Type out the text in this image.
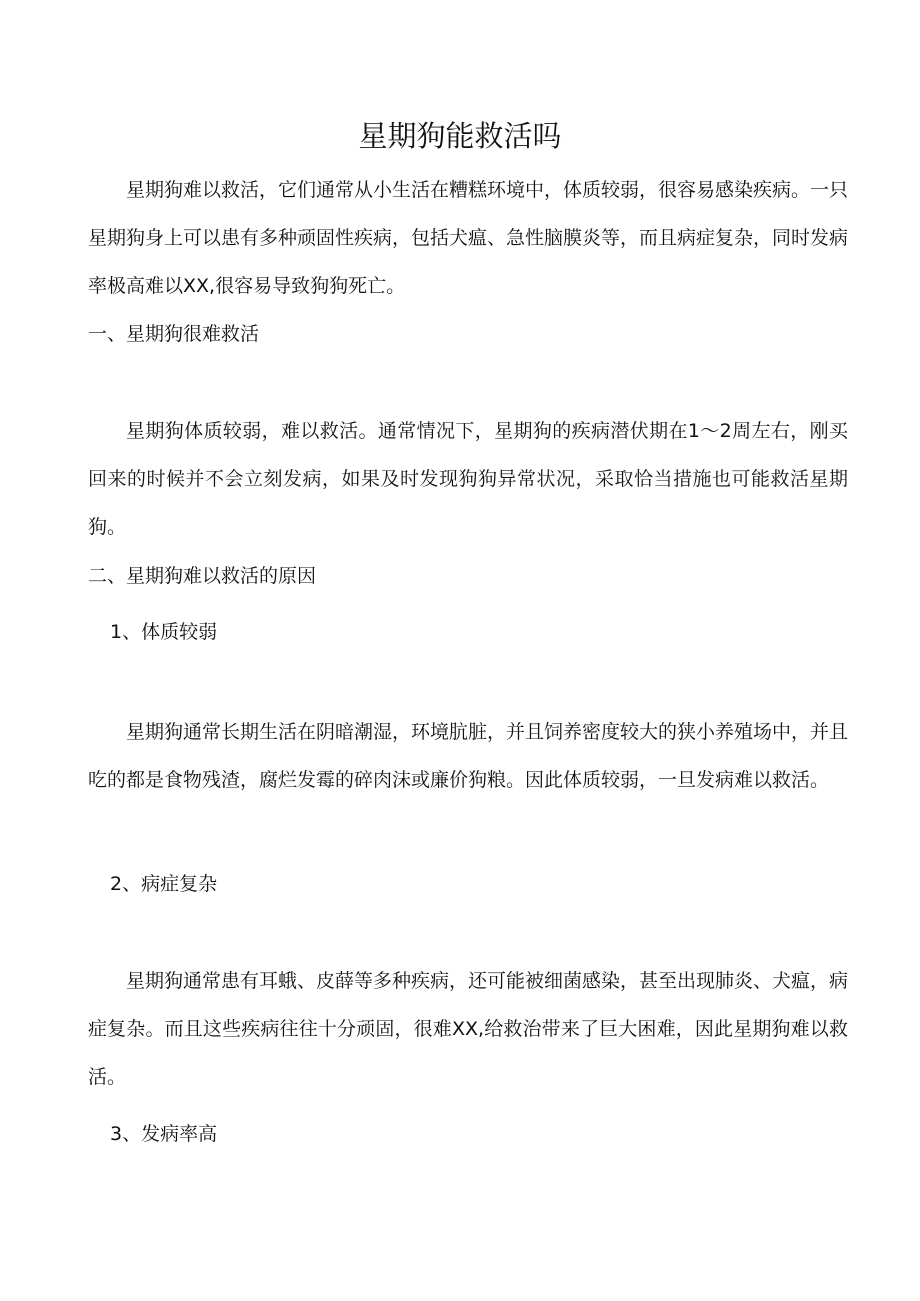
星期狗能救活吗

星期狗难以救活，它们通常从小生活在糟糕环境中，体质较弱，很容易感染疾病。一只星期狗身上可以患有多种顽固性疾病，包括犬瘟、急性脑膜炎等，而且病症复杂，同时发病率极高难以XX,很容易导致狗狗死亡。

一、星期狗很难救活

星期狗体质较弱，难以救活。通常情况下，星期狗的疾病潜伏期在1～2周左右，刚买回来的时候并不会立刻发病，如果及时发现狗狗异常状况，采取恰当措施也可能救活星期狗。

二、星期狗难以救活的原因

1、体质较弱

星期狗通常长期生活在阴暗潮湿，环境肮脏，并且饲养密度较大的狭小养殖场中，并且吃的都是食物残渣，腐烂发霉的碎肉沫或廉价狗粮。因此体质较弱，一旦发病难以救活。

2、病症复杂

星期狗通常患有耳蛾、皮薛等多种疾病，还可能被细菌感染，甚至出现肺炎、犬瘟，病症复杂。而且这些疾病往往十分顽固，很难XX,给救治带来了巨大困难，因此星期狗难以救活。

3、发病率高
